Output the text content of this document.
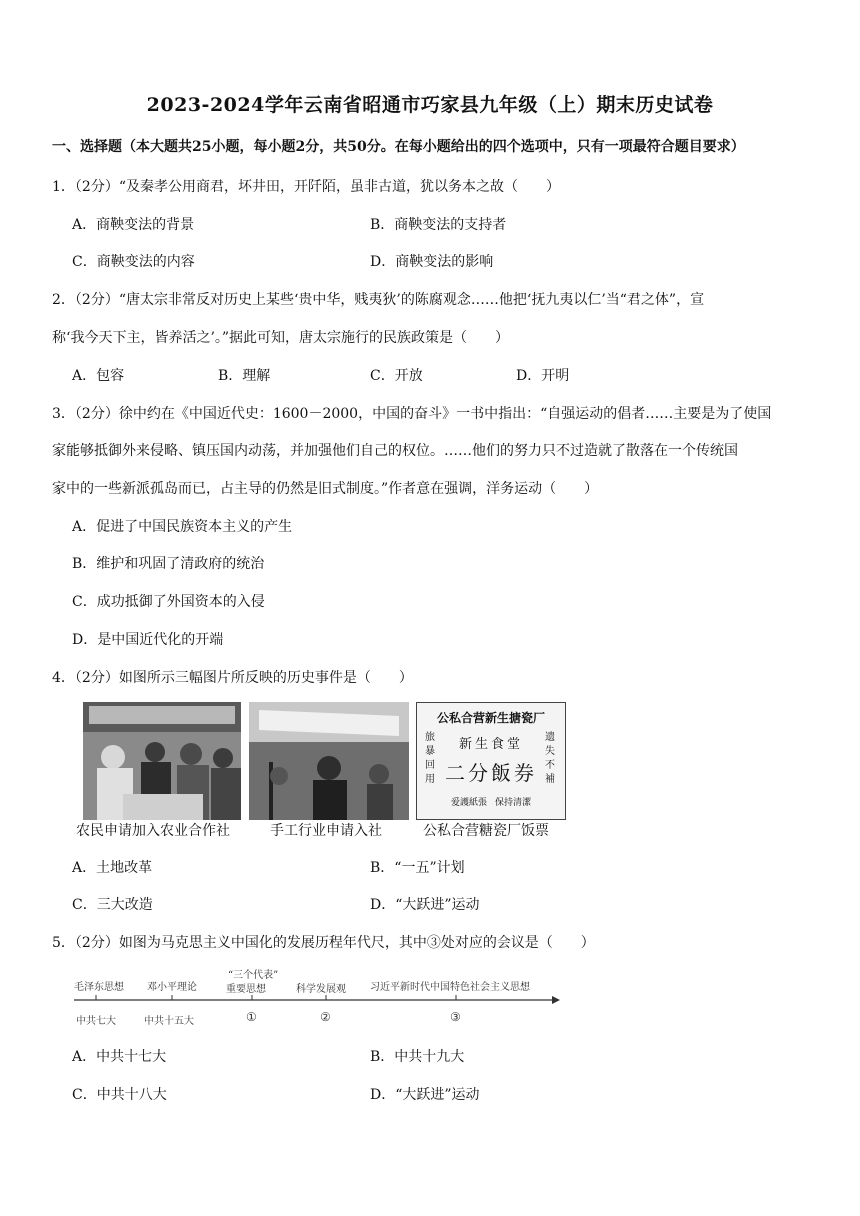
2023-2024学年云南省昭通市巧家县九年级（上）期末历史试卷
一、选择题（本大题共25小题，每小题2分，共50分。在每小题给出的四个选项中，只有一项最符合题目要求）
1．（2分）“及秦孝公用商君，坏井田，开阡陌，虽非古道，犹以务本之故（　　）
A．商鞅变法的背景	B．商鞅变法的支持者
C．商鞅变法的内容	D．商鞅变法的影响
2．（2分）“唐太宗非常反对历史上某些‘贵中华，贱夷狄’的陈腐观念……他把‘抚九夷以仁’当“君之体”，宣
称‘我今天下主，皆养活之’。”据此可知，唐太宗施行的民族政策是（　　）
A．包容	B．理解	C．开放	D．开明
3．（2分）徐中约在《中国近代史：1600－2000，中国的奋斗》一书中指出：“自强运动的倡者……主要是为了使国
家能够抵御外来侵略、镇压国内动荡，并加强他们自己的权位。……他们的努力只不过造就了散落在一个传统国
家中的一些新派孤岛而已，占主导的仍然是旧式制度。”作者意在强调，洋务运动（　　）
A．促进了中国民族资本主义的产生
B．维护和巩固了清政府的统治
C．成功抵御了外国资本的入侵
D．是中国近代化的开端
4．（2分）如图所示三幅图片所反映的历史事件是（　　）
公私合营新生搪瓷厂
新生食堂
二分飯券
旅暴回用
遗失不補
爱護紙張 保持清潔
农民申请加入农业合作社	手工行业申请入社	公私合营糖瓷厂饭票
A．土地改革	B．“一五”计划
C．三大改造	D．“大跃进”运动
5．（2分）如图为马克思主义中国化的发展历程年代尺，其中③处对应的会议是（　　）
毛泽东思想 邓小平理论
“三个代表”
重要思想	科学发展观 习近平新时代中国特色社会主义思想
中共七大	中共十五大	①	②	③
A．中共十七大	B．中共十九大
C．中共十八大	D．“大跃进”运动
